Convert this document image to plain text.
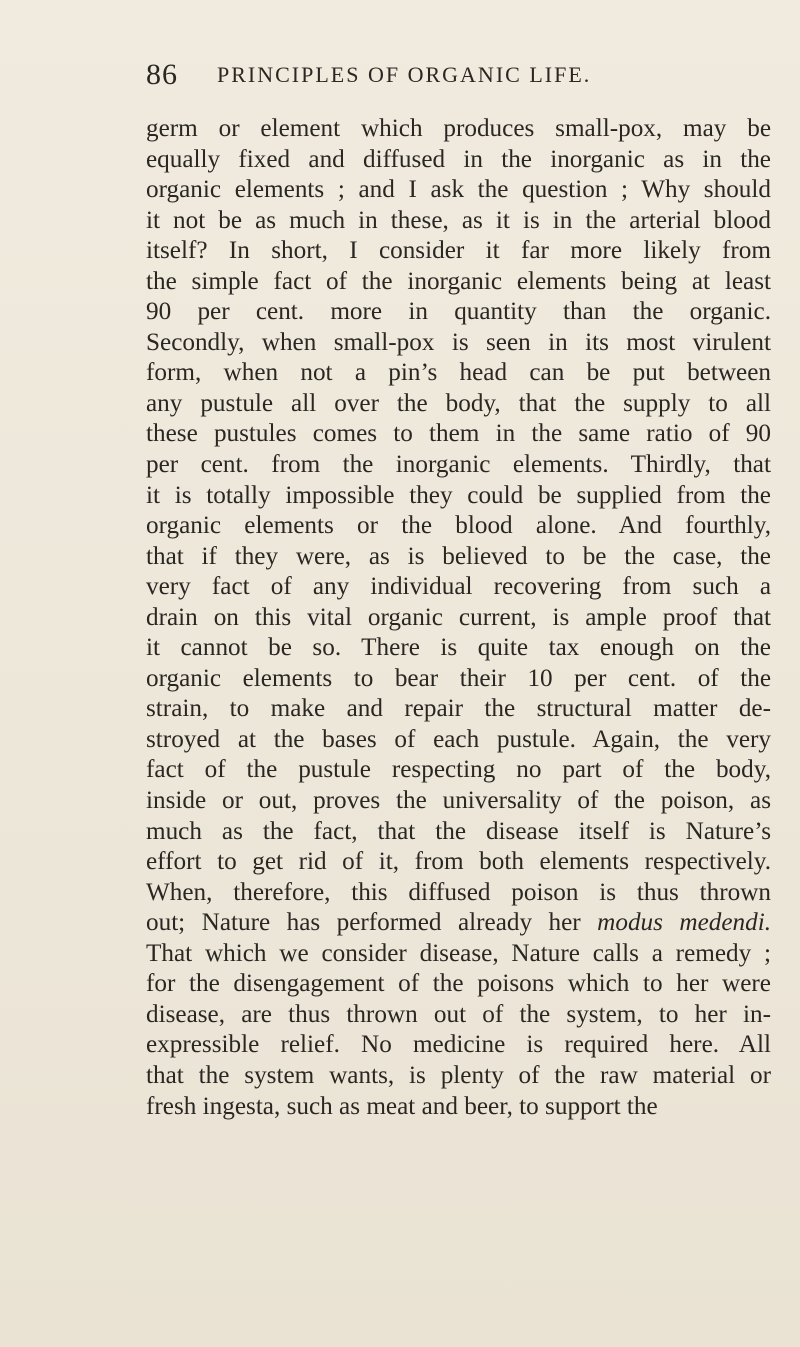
86 PRINCIPLES OF ORGANIC LIFE.

germ or element which produces small-pox, may be
equally fixed and diffused in the inorganic as in the
organic elements ; and I ask the question ; Why should
it not be as much in these, as it is in the arterial blood
itself? In short, I consider it far more likely from
the simple fact of the inorganic elements being at least
90 per cent. more in quantity than the organic.
Secondly, when small-pox is seen in its most virulent
form, when not a pin’s head can be put between
any pustule all over the body, that the supply to all
these pustules comes to them in the same ratio of 90
per cent. from the inorganic elements. Thirdly, that
it is totally impossible they could be supplied from the
organic elements or the blood alone. And fourthly,
that if they were, as is believed to be the case, the
very fact of any individual recovering from such a
drain on this vital organic current, is ample proof that
it cannot be so. There is quite tax enough on the
organic elements to bear their 10 per cent. of the
strain, to make and repair the structural matter de-
stroyed at the bases of each pustule. Again, the very
fact of the pustule respecting no part of the body,
inside or out, proves the universality of the poison, as
much as the fact, that the disease itself is Nature’s
effort to get rid of it, from both elements respectively.
When, therefore, this diffused poison is thus thrown
out; Nature has performed already her modus medendi.
That which we consider disease, Nature calls a remedy ;
for the disengagement of the poisons which to her were
disease, are thus thrown out of the system, to her in-
expressible relief. No medicine is required here. All
that the system wants, is plenty of the raw material or
fresh ingesta, such as meat and beer, to support the
